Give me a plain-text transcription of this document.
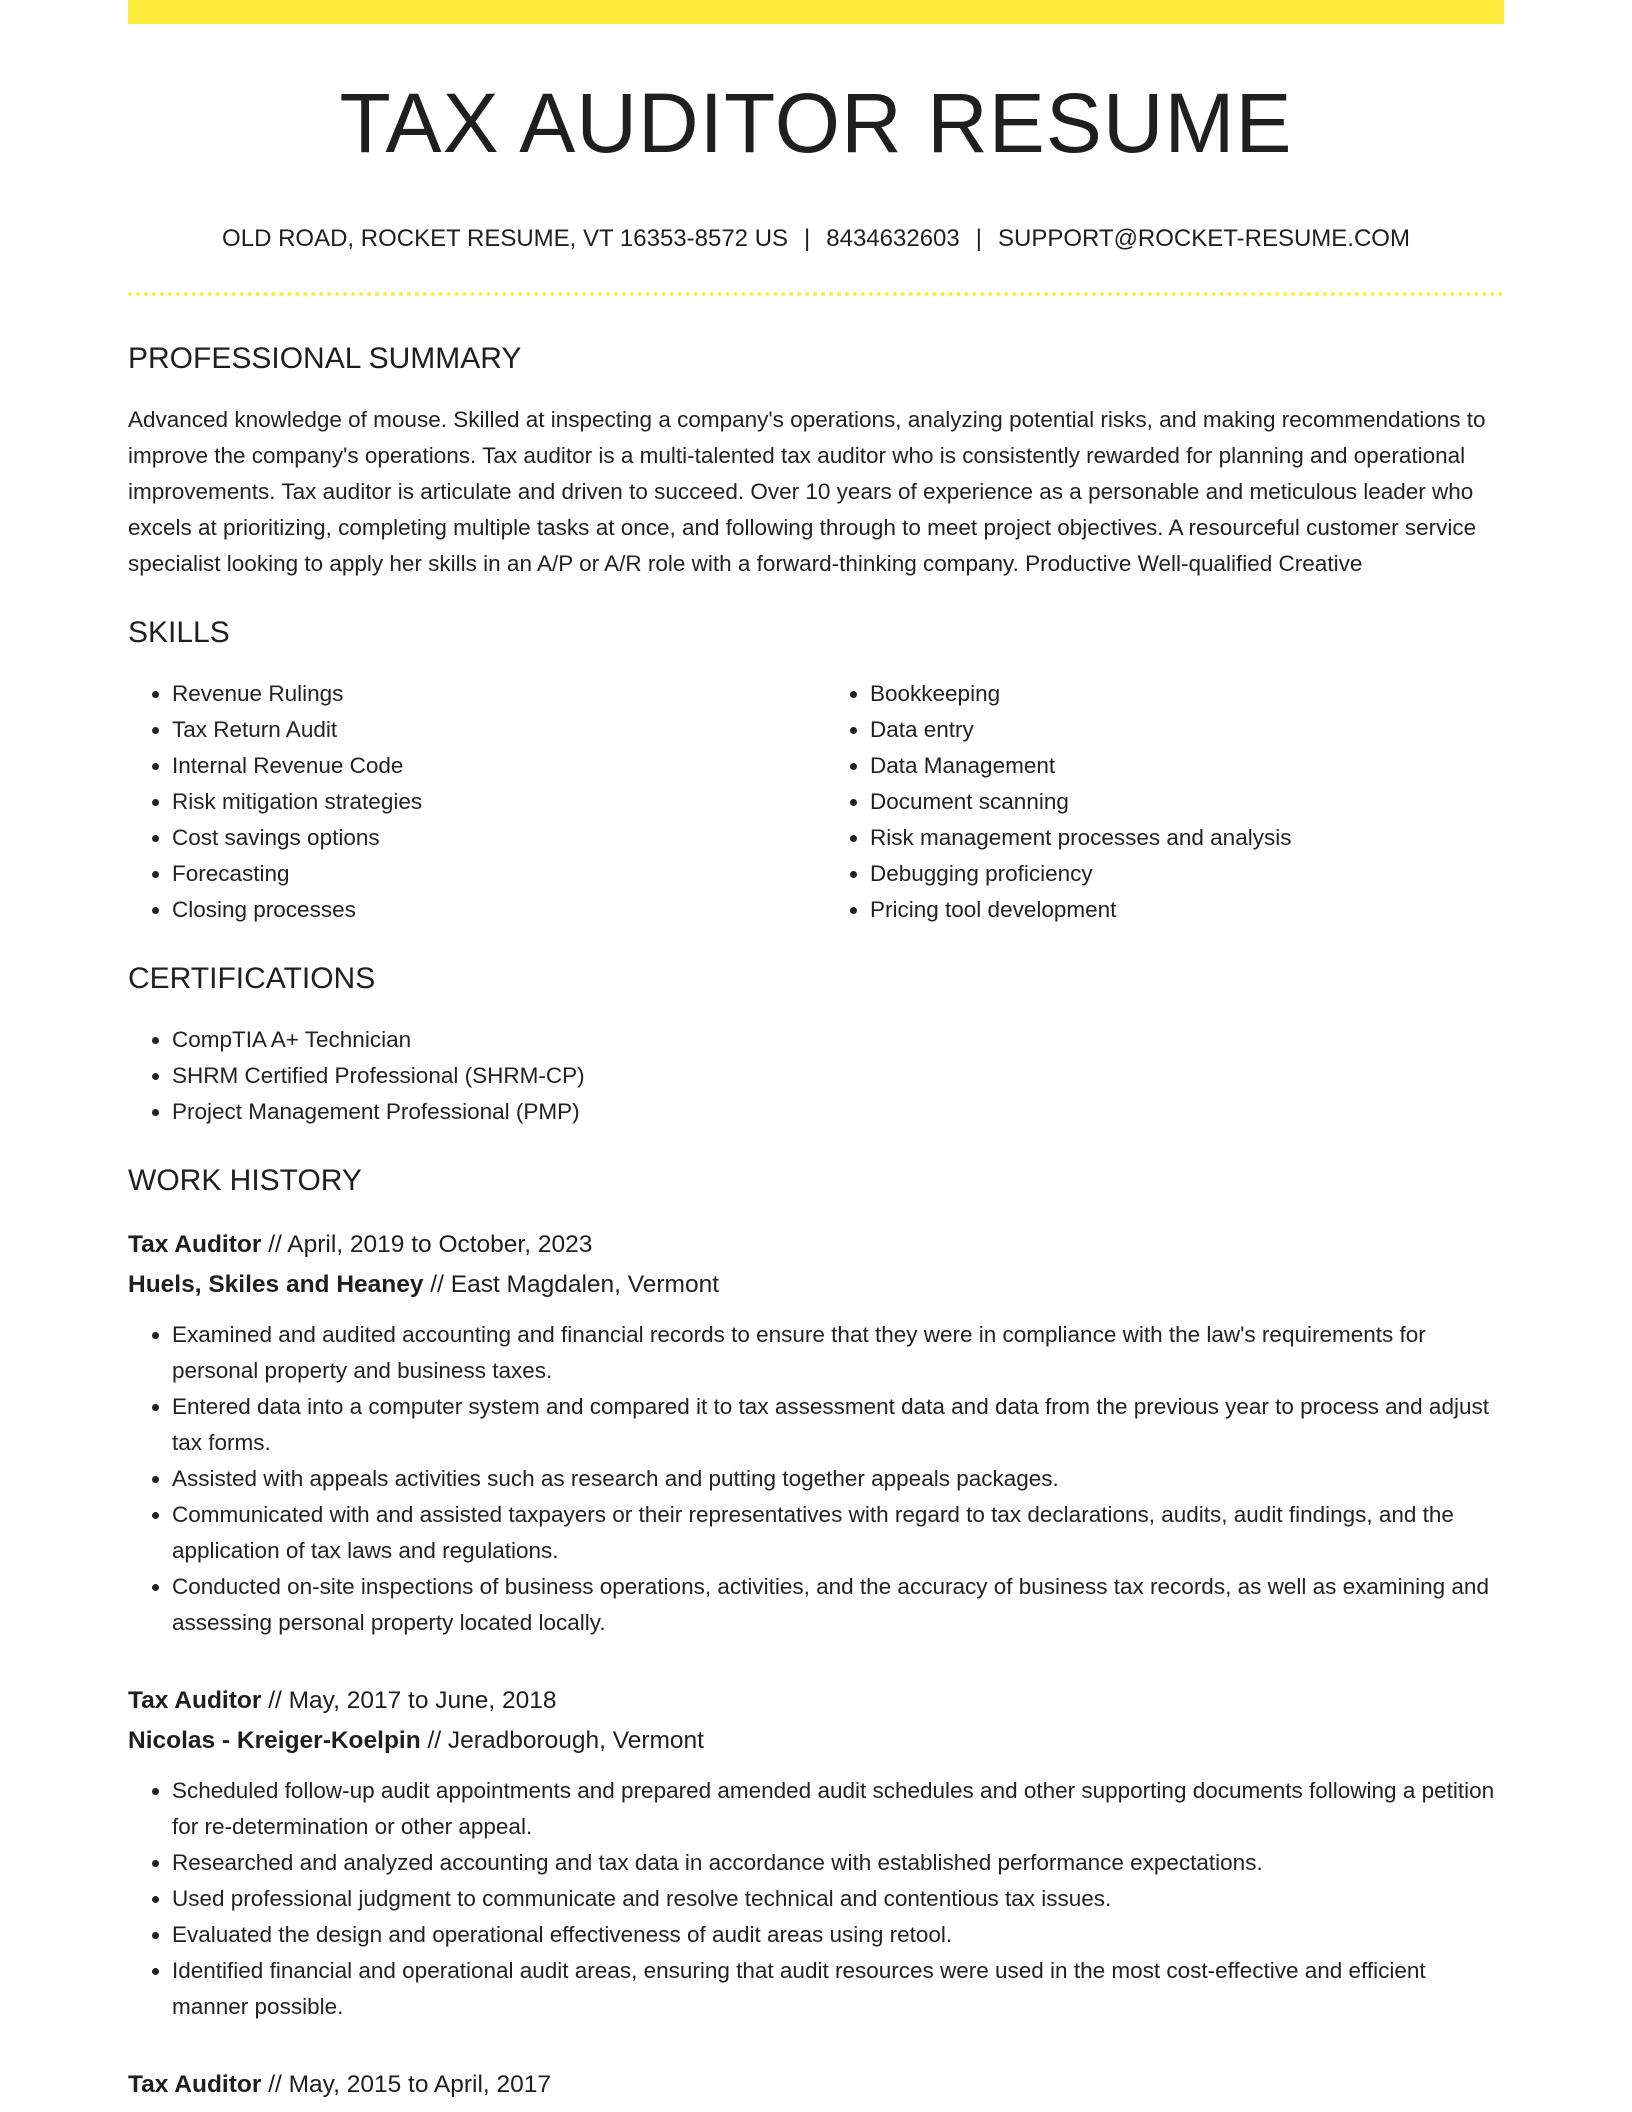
TAX AUDITOR RESUME
OLD ROAD, ROCKET RESUME, VT 16353-8572 US | 8434632603 | SUPPORT@ROCKET-RESUME.COM
PROFESSIONAL SUMMARY

Advanced knowledge of mouse. Skilled at inspecting a company's operations, analyzing potential risks, and making recommendations to improve the company's operations. Tax auditor is a multi-talented tax auditor who is consistently rewarded for planning and operational improvements. Tax auditor is articulate and driven to succeed. Over 10 years of experience as a personable and meticulous leader who excels at prioritizing, completing multiple tasks at once, and following through to meet project objectives. A resourceful customer service specialist looking to apply her skills in an A/P or A/R role with a forward-thinking company. Productive Well-qualified Creative

SKILLS
• Revenue Rulings
• Tax Return Audit
• Internal Revenue Code
• Risk mitigation strategies
• Cost savings options
• Forecasting
• Closing processes
• Bookkeeping
• Data entry
• Data Management
• Document scanning
• Risk management processes and analysis
• Debugging proficiency
• Pricing tool development
CERTIFICATIONS
• CompTIA A+ Technician
• SHRM Certified Professional (SHRM-CP)
• Project Management Professional (PMP)
WORK HISTORY
Tax Auditor // April, 2019 to October, 2023
Huels, Skiles and Heaney // East Magdalen, Vermont
• Examined and audited accounting and financial records to ensure that they were in compliance with the law's requirements for personal property and business taxes.
• Entered data into a computer system and compared it to tax assessment data and data from the previous year to process and adjust tax forms.
• Assisted with appeals activities such as research and putting together appeals packages.
• Communicated with and assisted taxpayers or their representatives with regard to tax declarations, audits, audit findings, and the application of tax laws and regulations.
• Conducted on-site inspections of business operations, activities, and the accuracy of business tax records, as well as examining and assessing personal property located locally.
Tax Auditor // May, 2017 to June, 2018
Nicolas - Kreiger-Koelpin // Jeradborough, Vermont
• Scheduled follow-up audit appointments and prepared amended audit schedules and other supporting documents following a petition for re-determination or other appeal.
• Researched and analyzed accounting and tax data in accordance with established performance expectations.
• Used professional judgment to communicate and resolve technical and contentious tax issues.
• Evaluated the design and operational effectiveness of audit areas using retool.
• Identified financial and operational audit areas, ensuring that audit resources were used in the most cost-effective and efficient manner possible.
Tax Auditor // May, 2015 to April, 2017
